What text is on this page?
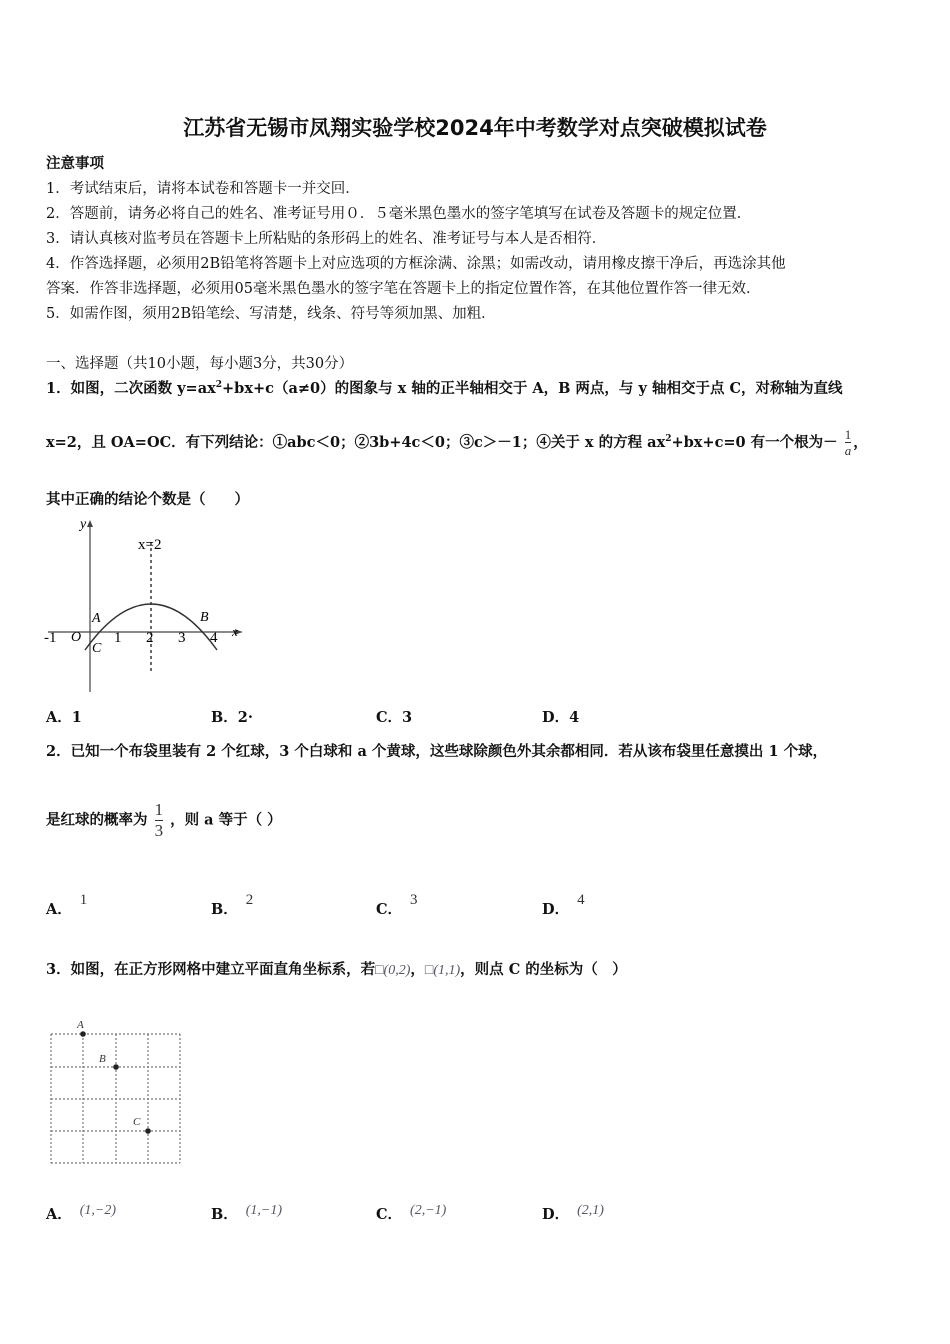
江苏省无锡市凤翔实验学校2024年中考数学对点突破模拟试卷
注意事项
1．考试结束后，请将本试卷和答题卡一并交回．
2．答题前，请务必将自己的姓名、准考证号用０．５毫米黑色墨水的签字笔填写在试卷及答题卡的规定位置．
3．请认真核对监考员在答题卡上所粘贴的条形码上的姓名、准考证号与本人是否相符．
4．作答选择题，必须用2B铅笔将答题卡上对应选项的方框涂满、涂黑；如需改动，请用橡皮擦干净后，再选涂其他
答案．作答非选择题，必须用05毫米黑色墨水的签字笔在答题卡上的指定位置作答，在其他位置作答一律无效．
5．如需作图，须用2B铅笔绘、写清楚，线条、符号等须加黑、加粗．
一、选择题（共10小题，每小题3分，共30分）
1．如图，二次函数 $y=ax^2+bx+c(a\ne 0)$的图象与 x 轴的正半轴相交于 A，B 两点，与 y 轴相交于点 C，对称轴为直线
x=2，且 OA=OC．有下列结论：①abc＜0；②3b+4c＜0；③c＞－1；④关于 x 的方程 $ax^2+bx+c=0$ 有一个根为－ $\frac{1}{a}$ ，
其中正确的结论个数是（　　）
y
x
x=2
O
A	B
C
-1	1 2 3 4
A．1	B．2·	C．3	D．4
2．已知一个布袋里装有 2 个红球，3 个白球和 a 个黄球，这些球除颜色外其余都相同．若从该布袋里任意摸出 1 个球，
是红球的概率为 $\frac{1}{3}$ ，则 a 等于（ ）
A．1
B．2
C．3
D．4
3．如图，在正方形网格中建立平面直角坐标系，若□(0,2)，□(1,1)，则点 C 的坐标为（　）
A
B
C
A． (1,−2)	B． (1,−1)	C． (2,−1)	D． (2,1)
